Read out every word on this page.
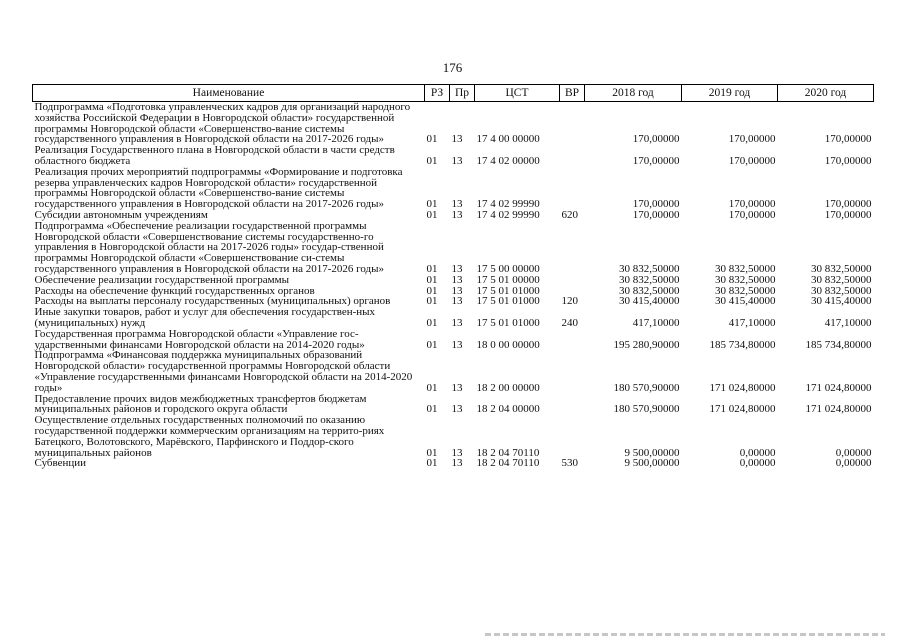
176
Наименование	РЗ	Пр	ЦСТ	ВР	2018 год	2019 год	2020 год
Подпрограмма «Подготовка управленческих кадров для организаций народного хозяйства Российской Федерации в Новгородской области» государственной программы Новгородской области «Совершенство-вание системы государственного управления в Новгородской области на 2017-2026 годы»	01	13	17 4 00 00000		170,00000	170,00000	170,00000
Реализация Государственного плана в Новгородской области в части средств областного бюджета	01	13	17 4 02 00000		170,00000	170,00000	170,00000
Реализация прочих мероприятий подпрограммы «Формирование и подготовка резерва управленческих кадров Новгородской области» государственной программы Новгородской области «Совершенство-вание системы государственного управления в Новгородской области на 2017-2026 годы»	01	13	17 4 02 99990		170,00000	170,00000	170,00000
Субсидии автономным учреждениям	01	13	17 4 02 99990	620	170,00000	170,00000	170,00000
Подпрограмма «Обеспечение реализации государственной программы Новгородской области «Совершенствование системы государственно-го управления в Новгородской области на 2017-2026 годы» государ-ственной программы Новгородской области «Совершенствование си-стемы государственного управления в Новгородской области на 2017-2026 годы»	01	13	17 5 00 00000		30 832,50000	30 832,50000	30 832,50000
Обеспечение реализации государственной программы	01	13	17 5 01 00000		30 832,50000	30 832,50000	30 832,50000
Расходы на обеспечение функций государственных органов	01	13	17 5 01 01000		30 832,50000	30 832,50000	30 832,50000
Расходы на выплаты персоналу государственных (муниципальных) органов	01	13	17 5 01 01000	120	30 415,40000	30 415,40000	30 415,40000
Иные закупки товаров, работ и услуг для обеспечения государствен-ных (муниципальных) нужд	01	13	17 5 01 01000	240	417,10000	417,10000	417,10000
Государственная программа Новгородской области «Управление гос-ударственными финансами Новгородской области на 2014-2020 годы»	01	13	18 0 00 00000		195 280,90000	185 734,80000	185 734,80000
Подпрограмма «Финансовая поддержка муниципальных образований Новгородской области» государственной программы Новгородской области «Управление государственными финансами Новгородской области на 2014-2020 годы»	01	13	18 2 00 00000		180 570,90000	171 024,80000	171 024,80000
Предоставление прочих видов межбюджетных трансфертов бюджетам муниципальных районов и городского округа области	01	13	18 2 04 00000		180 570,90000	171 024,80000	171 024,80000
Осуществление отдельных государственных полномочий по оказанию государственной поддержки коммерческим организациям на террито-риях Батецкого, Волотовского, Марёвского, Парфинского и Поддор-ского муниципальных районов	01	13	18 2 04 70110		9 500,00000	0,00000	0,00000
Субвенции	01	13	18 2 04 70110	530	9 500,00000	0,00000	0,00000
